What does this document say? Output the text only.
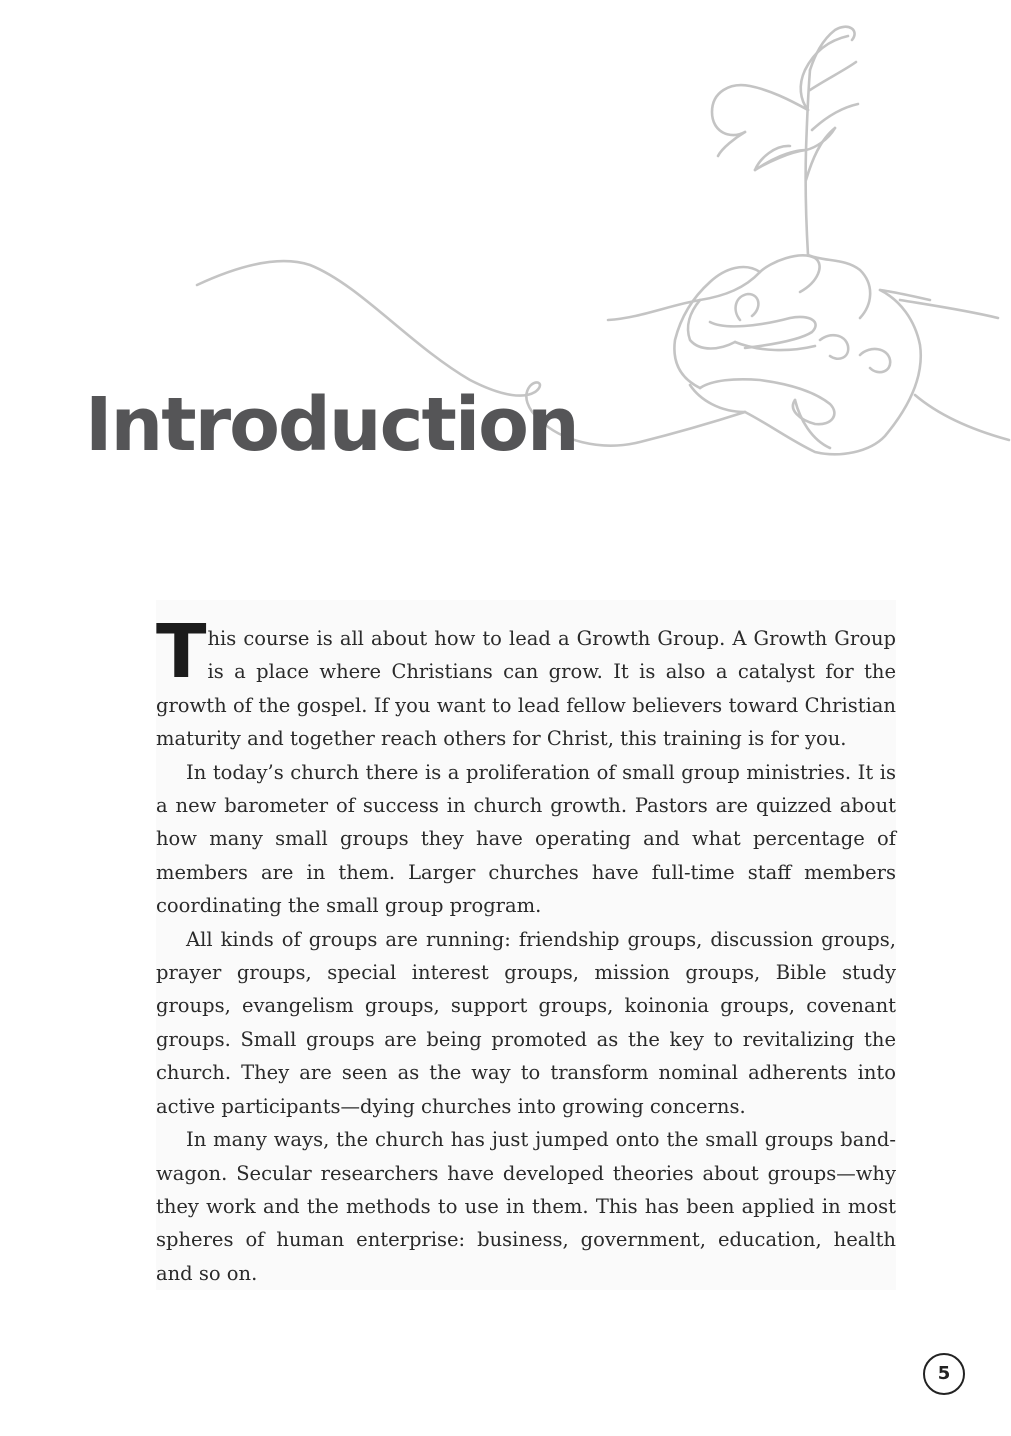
Introduction

This course is all about how to lead a Growth Group. A Growth Group is a place where Christians can grow. It is also a catalyst for the growth of the gospel. If you want to lead fellow believers toward Christian maturity and together reach others for Christ, this training is for you.

In today’s church there is a proliferation of small group ministries. It is a new barometer of success in church growth. Pastors are quizzed about how many small groups they have operating and what percentage of members are in them. Larger churches have full-time staff members coordinating the small group program.

All kinds of groups are running: friendship groups, discussion groups, prayer groups, special interest groups, mission groups, Bible study groups, evangelism groups, support groups, koinonia groups, covenant groups. Small groups are being promoted as the key to revitalizing the church. They are seen as the way to transform nominal adherents into active participants—dying churches into growing concerns.

In many ways, the church has just jumped onto the small groups band-wagon. Secular researchers have developed theories about groups—why they work and the methods to use in them. This has been applied in most spheres of human enterprise: business, government, education, health and so on.

5
